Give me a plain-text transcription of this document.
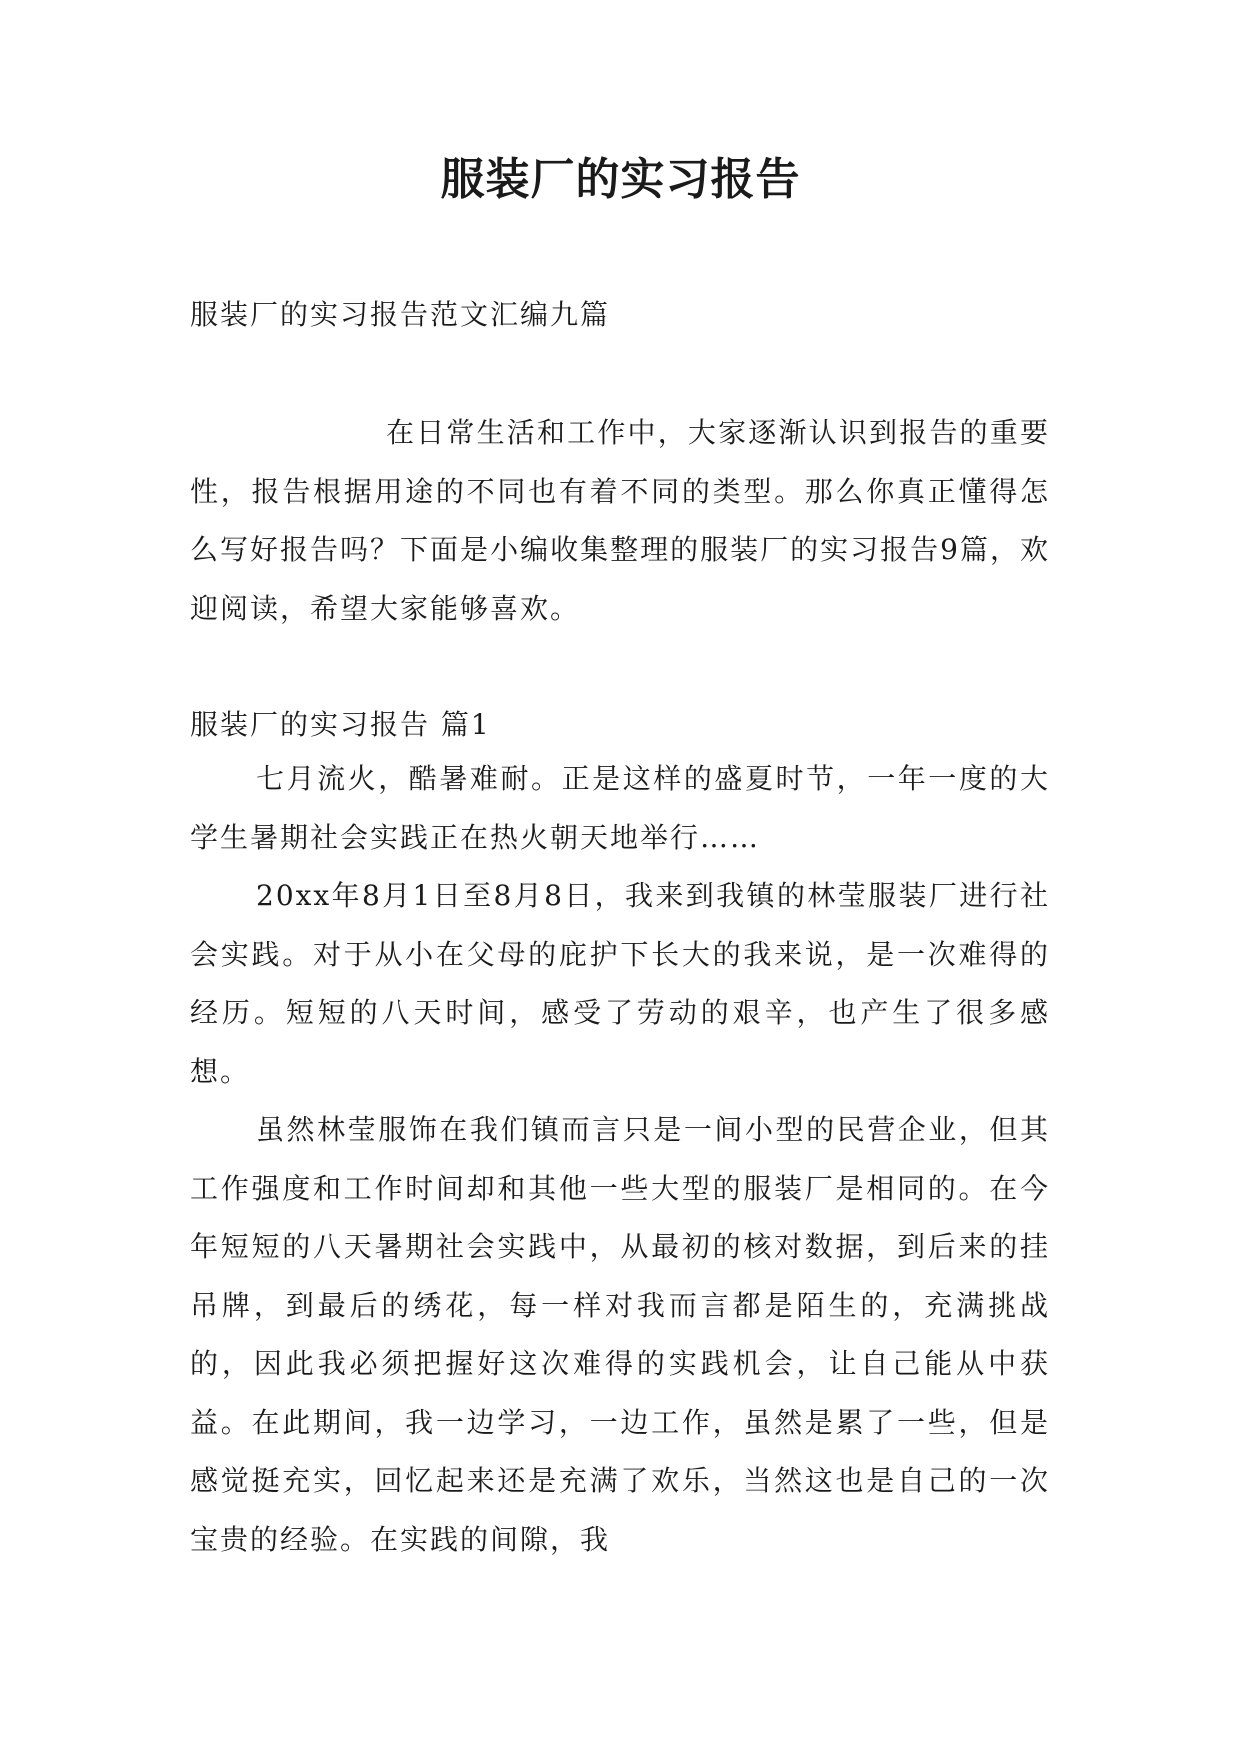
服装厂的实习报告
服装厂的实习报告范文汇编九篇
在日常生活和工作中，大家逐渐认识到报告的重要性，报告根据用途的不同也有着不同的类型。那么你真正懂得怎么写好报告吗？下面是小编收集整理的服装厂的实习报告9篇，欢迎阅读，希望大家能够喜欢。
服装厂的实习报告 篇1

七月流火，酷暑难耐。正是这样的盛夏时节，一年一度的大学生暑期社会实践正在热火朝天地举行……

20xx年8月1日至8月8日，我来到我镇的林莹服装厂进行社会实践。对于从小在父母的庇护下长大的我来说，是一次难得的经历。短短的八天时间，感受了劳动的艰辛，也产生了很多感想。

虽然林莹服饰在我们镇而言只是一间小型的民营企业，但其工作强度和工作时间却和其他一些大型的服装厂是相同的。在今年短短的八天暑期社会实践中，从最初的核对数据，到后来的挂吊牌，到最后的绣花，每一样对我而言都是陌生的，充满挑战的，因此我必须把握好这次难得的实践机会，让自己能从中获益。在此期间，我一边学习，一边工作，虽然是累了一些，但是感觉挺充实，回忆起来还是充满了欢乐，当然这也是自己的一次宝贵的经验。在实践的间隙，我
